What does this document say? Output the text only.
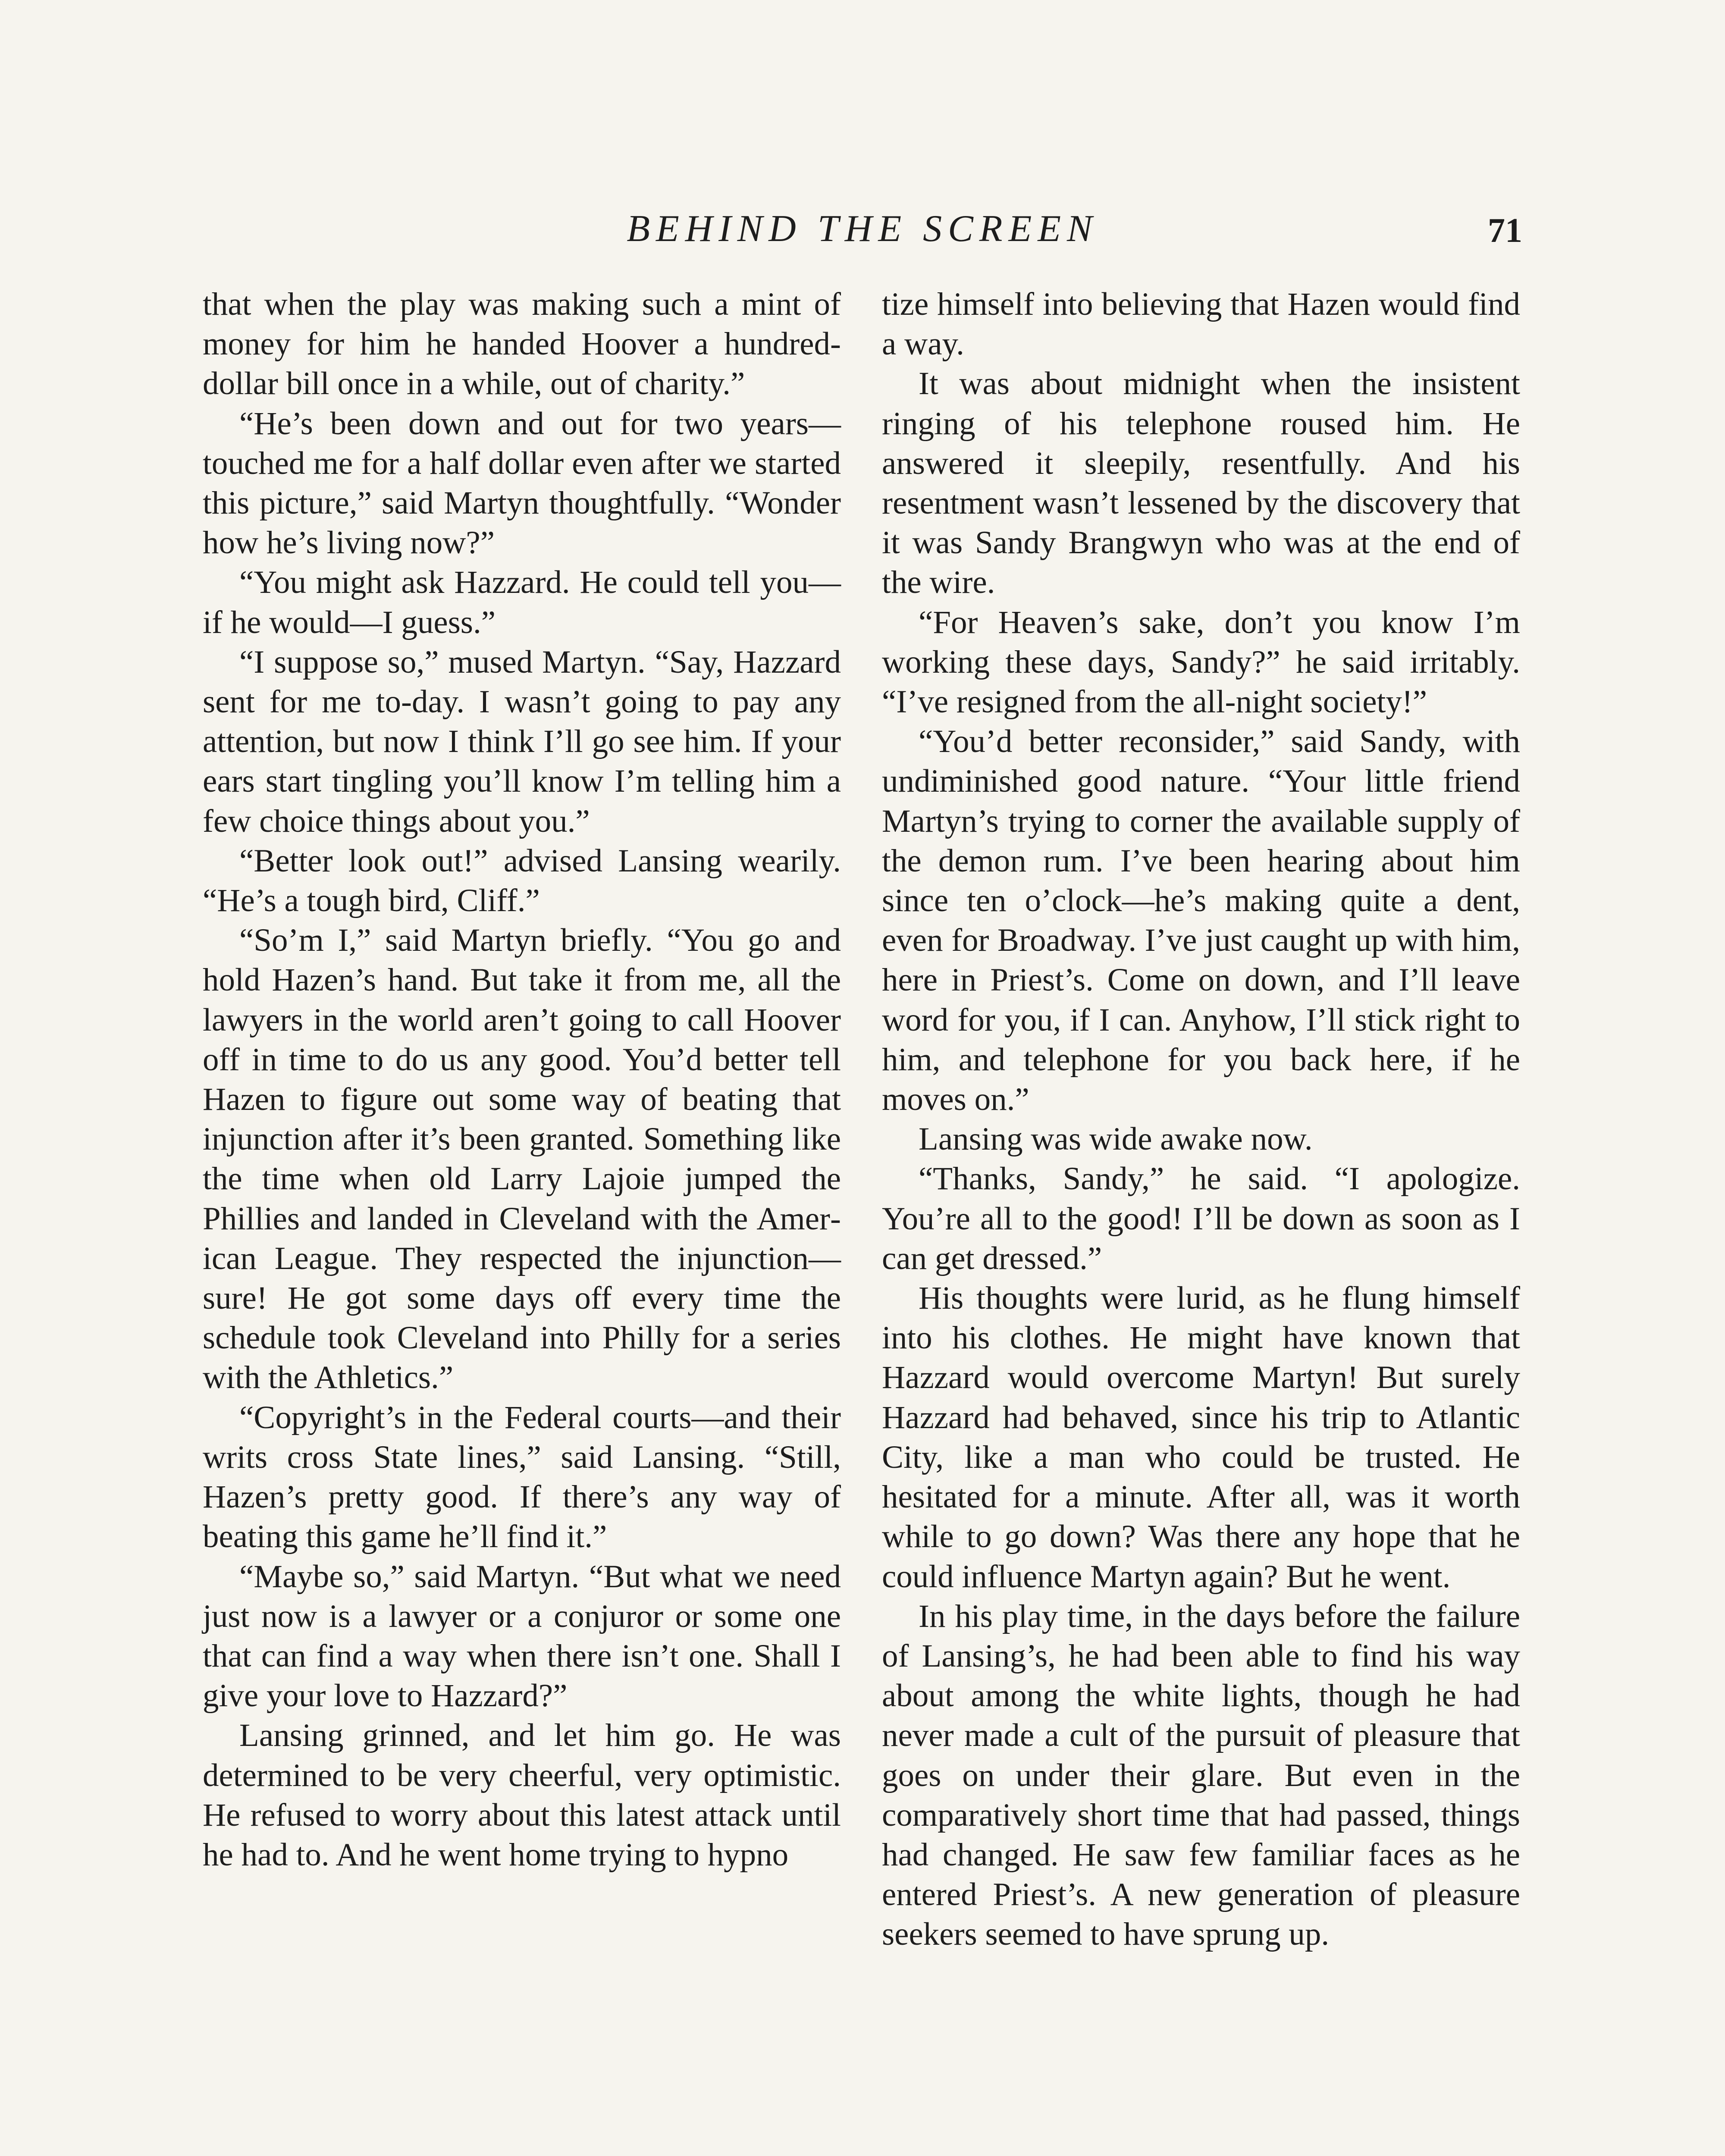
BEHIND THE SCREEN	71

that when the play was making such a mint of money for him he handed Hoover a hundred-dollar bill once in a while, out of charity.”

“He’s been down and out for two years—touched me for a half dollar even after we started this picture,” said Martyn thoughtfully. “Wonder how he’s living now?”

“You might ask Hazzard. He could tell you—if he would—I guess.”

“I suppose so,” mused Martyn. “Say, Hazzard sent for me to-day. I wasn’t going to pay any attention, but now I think I’ll go see him. If your ears start tingling you’ll know I’m telling him a few choice things about you.”

“Better look out!” advised Lansing wearily. “He’s a tough bird, Cliff.”

“So’m I,” said Martyn briefly. “You go and hold Hazen’s hand. But take it from me, all the lawyers in the world aren’t going to call Hoover off in time to do us any good. You’d better tell Hazen to figure out some way of beating that injunction after it’s been granted. Something like the time when old Larry Lajoie jumped the Phillies and landed in Cleveland with the American League. They respected the injunction—sure! He got some days off every time the schedule took Cleveland into Philly for a series with the Athletics.”

“Copyright’s in the Federal courts—and their writs cross State lines,” said Lansing. “Still, Hazen’s pretty good. If there’s any way of beating this game he’ll find it.”

“Maybe so,” said Martyn. “But what we need just now is a lawyer or a conjuror or some one that can find a way when there isn’t one. Shall I give your love to Hazzard?”

Lansing grinned, and let him go. He was determined to be very cheerful, very optimistic. He refused to worry about this latest attack until he had to. And he went home trying to hypno

tize himself into believing that Hazen would find a way.

It was about midnight when the insistent ringing of his telephone roused him. He answered it sleepily, resentfully. And his resentment wasn’t lessened by the discovery that it was Sandy Brangwyn who was at the end of the wire.

“For Heaven’s sake, don’t you know I’m working these days, Sandy?” he said irritably. “I’ve resigned from the all-night society!”

“You’d better reconsider,” said Sandy, with undiminished good nature. “Your little friend Martyn’s trying to corner the available supply of the demon rum. I’ve been hearing about him since ten o’clock—he’s making quite a dent, even for Broadway. I’ve just caught up with him, here in Priest’s. Come on down, and I’ll leave word for you, if I can. Anyhow, I’ll stick right to him, and telephone for you back here, if he moves on.”

Lansing was wide awake now.

“Thanks, Sandy,” he said. “I apologize. You’re all to the good! I’ll be down as soon as I can get dressed.”

His thoughts were lurid, as he flung himself into his clothes. He might have known that Hazzard would overcome Martyn! But surely Hazzard had behaved, since his trip to Atlantic City, like a man who could be trusted. He hesitated for a minute. After all, was it worth while to go down? Was there any hope that he could influence Martyn again? But he went.

In his play time, in the days before the failure of Lansing’s, he had been able to find his way about among the white lights, though he had never made a cult of the pursuit of pleasure that goes on under their glare. But even in the comparatively short time that had passed, things had changed. He saw few familiar faces as he entered Priest’s. A new generation of pleasure seekers seemed to have sprung up.
